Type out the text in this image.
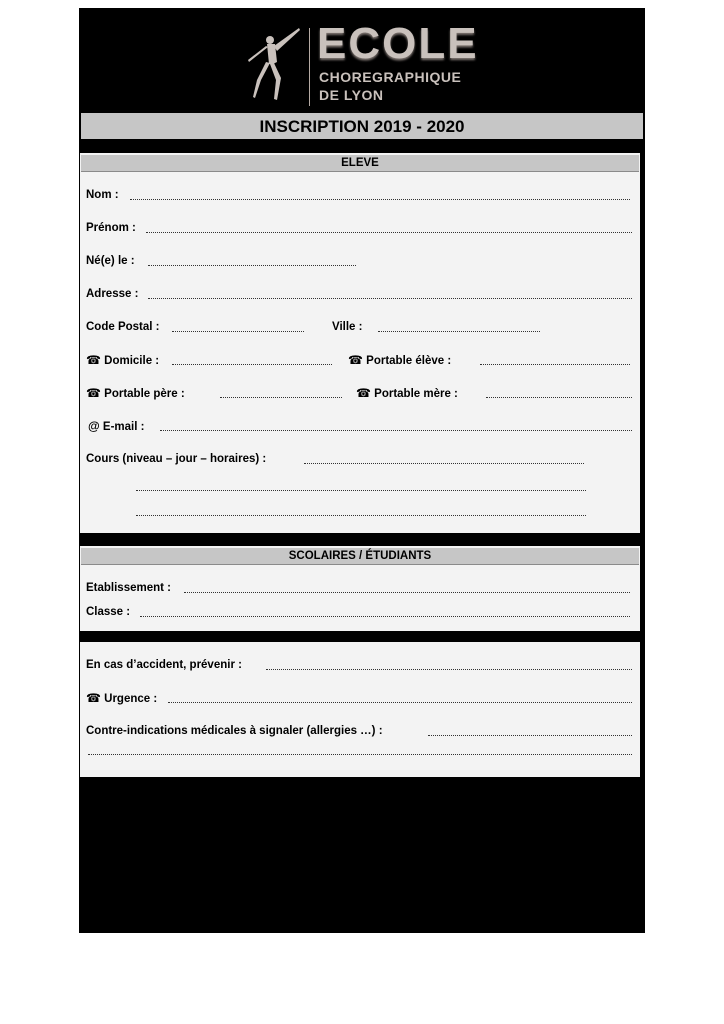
ECOLE
CHOREGRAPHIQUE
DE LYON
INSCRIPTION 2019 - 2020
ELEVE
Nom :
Prénom :
Né(e) le :
Adresse :
Code Postal :	Ville :
☎ Domicile :	☎ Portable élève :
☎ Portable père :	☎ Portable mère :
@ E-mail :
Cours (niveau – jour – horaires) :
SCOLAIRES / ÉTUDIANTS
Etablissement :
Classe :
En cas d’accident, prévenir :
☎ Urgence :
Contre-indications médicales à signaler (allergies …) :
